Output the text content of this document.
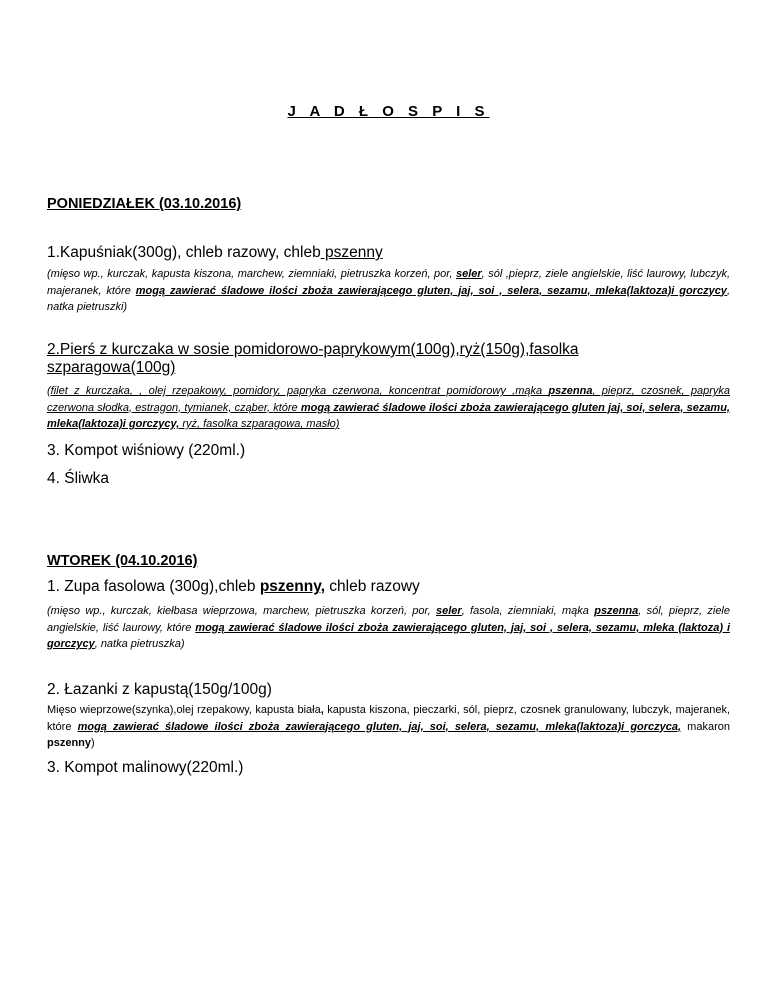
J A D Ł O S P I S
PONIEDZIAŁEK (03.10.2016)
1.Kapuśniak(300g), chleb razowy, chleb pszenny
(mięso wp., kurczak, kapusta kiszona, marchew, ziemniaki, pietruszka korzeń, por, seler, sól ,pieprz, ziele angielskie, liść laurowy, lubczyk, majeranek, które mogą zawierać śladowe ilości zboża zawierającego gluten, jaj, soi , selera, sezamu, mleka(laktoza)i gorczycy, natka pietruszki)
2.Pierś z kurczaka w sosie pomidorowo-paprykowym(100g),ryż(150g),fasolka szparagowa(100g)
(filet z kurczaka, , olej rzepakowy, pomidory, papryka czerwona, koncentrat pomidorowy ,mąka pszenna, pieprz, czosnek, papryka czerwona słodka, estragon, tymianek, cząber, które mogą zawierać śladowe ilości zboża zawierającego gluten jaj, soi, selera, sezamu, mleka(laktoza)i gorczycy, ryż, fasolka szparagowa, masło)
3. Kompot wiśniowy (220ml.)
4. Śliwka
WTOREK (04.10.2016)
1. Zupa fasolowa (300g),chleb pszenny, chleb razowy
(mięso wp., kurczak, kiełbasa wieprzowa, marchew, pietruszka korzeń, por, seler, fasola, ziemniaki, mąka pszenna, sól, pieprz, ziele angielskie, liść laurowy, które mogą zawierać śladowe ilości zboża zawierającego gluten, jaj, soi , selera, sezamu, mleka (laktoza) i gorczycy, natka pietruszka)
2. Łazanki z kapustą(150g/100g)
Mięso wieprzowe(szynka),olej rzepakowy, kapusta biała, kapusta kiszona, pieczarki, sól, pieprz, czosnek granulowany, lubczyk, majeranek, które mogą zawierać śladowe ilości zboża zawierającego gluten, jaj, soi, selera, sezamu, mleka(laktoza)i gorczyca, makaron pszenny)
3. Kompot malinowy(220ml.)
